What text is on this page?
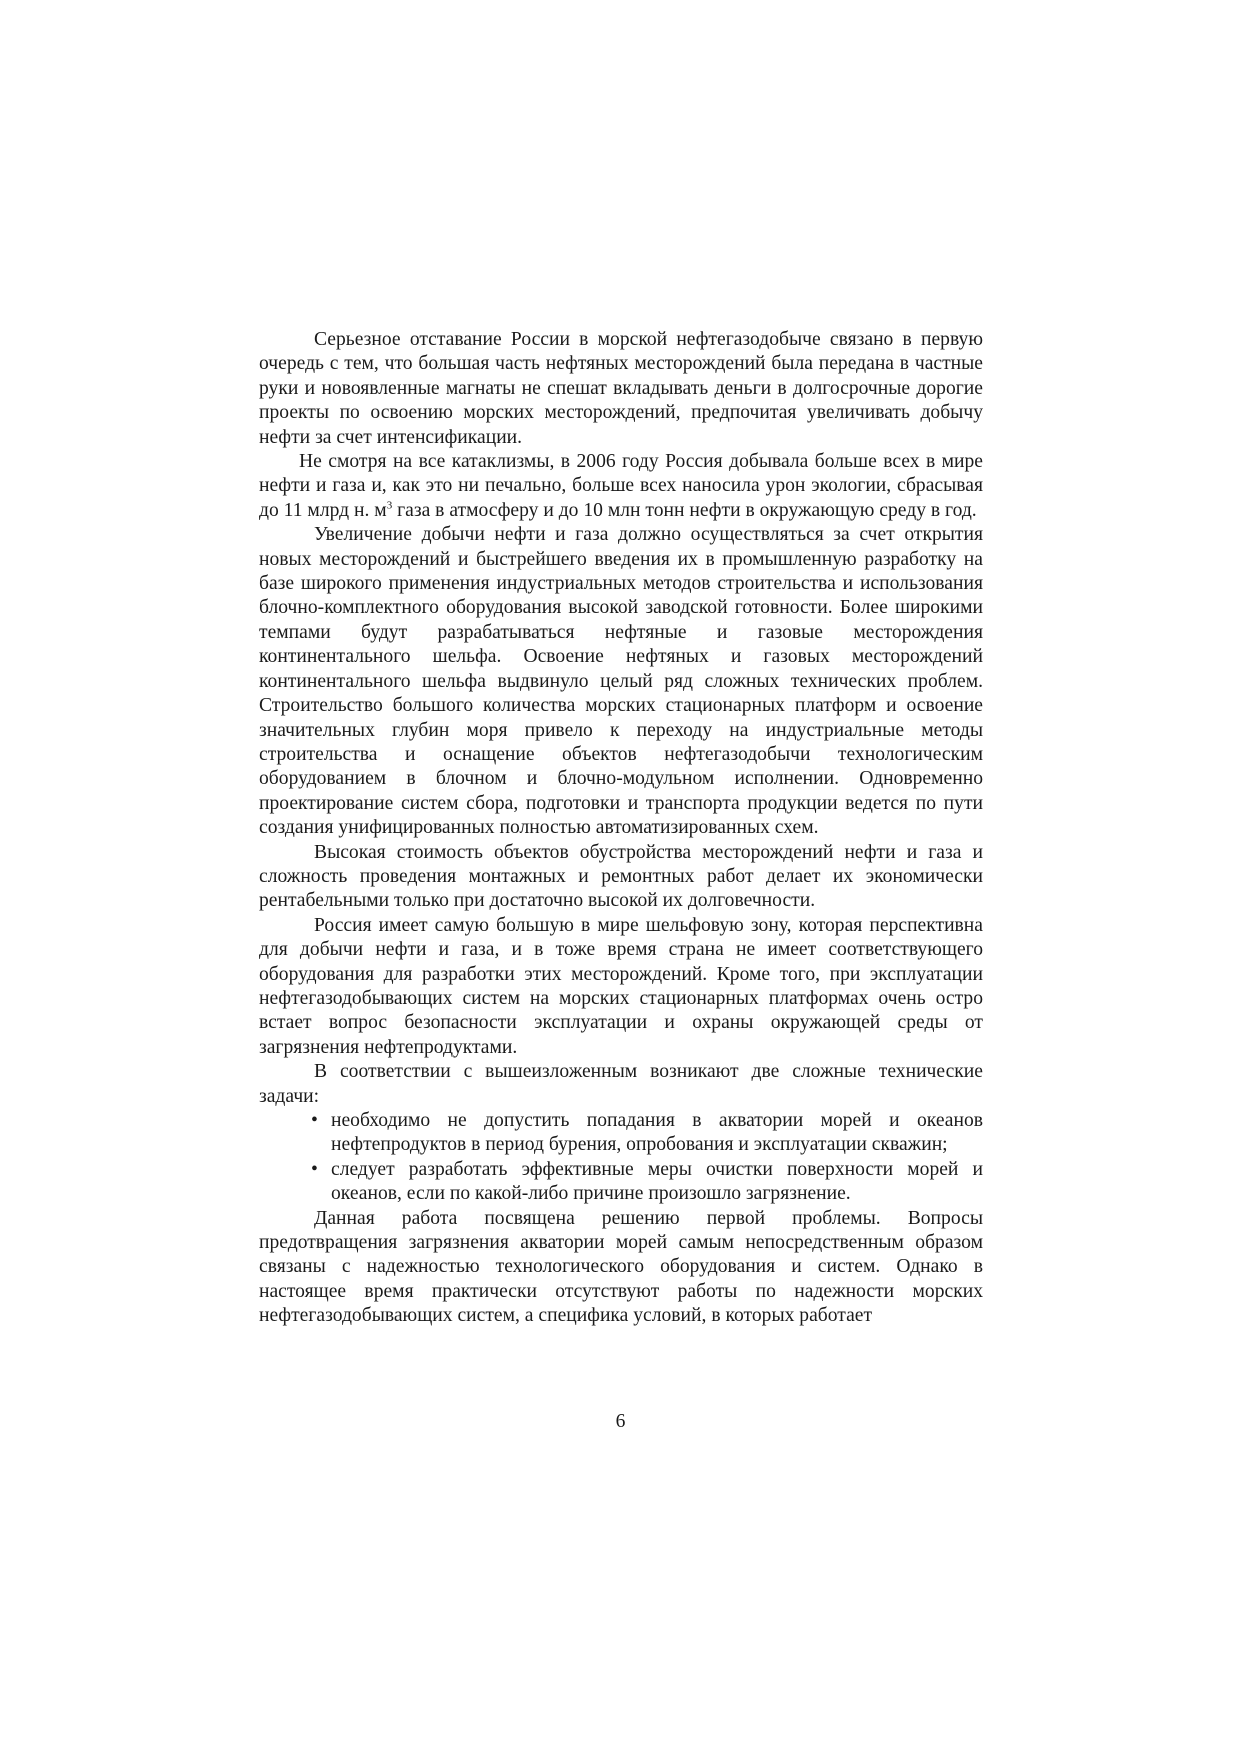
Серьезное отставание России в морской нефтегазодобыче связано в первую очередь с тем, что большая часть нефтяных месторождений была передана в частные руки и новоявленные магнаты не спешат вкладывать деньги в долгосрочные дорогие проекты по освоению морских месторождений, предпочитая увеличивать добычу нефти за счет интенсификации.

Не смотря на все катаклизмы, в 2006 году Россия добывала больше всех в мире нефти и газа и, как это ни печально, больше всех наносила урон экологии, сбрасывая до 11 млрд н. $м^3$ газа в атмосферу и до 10 млн тонн нефти в окружающую среду в год.

Увеличение добычи нефти и газа должно осуществляться за счет открытия новых месторождений и быстрейшего введения их в промышленную разработку на базе широкого применения индустриальных методов строительства и использования блочно-комплектного оборудования высокой заводской готовности. Более широкими темпами будут разрабатываться нефтяные и газовые месторождения континентального шельфа. Освоение нефтяных и газовых месторождений континентального шельфа выдвинуло целый ряд сложных технических проблем. Строительство большого количества морских стационарных платформ и освоение значительных глубин моря привело к переходу на индустриальные методы строительства и оснащение объектов нефтегазодобычи технологическим оборудованием в блочном и блочно-модульном исполнении. Одновременно проектирование систем сбора, подготовки и транспорта продукции ведется по пути создания унифицированных полностью автоматизированных схем.

Высокая стоимость объектов обустройства месторождений нефти и газа и сложность проведения монтажных и ремонтных работ делает их экономически рентабельными только при достаточно высокой их долговечности.

Россия имеет самую большую в мире шельфовую зону, которая перспективна для добычи нефти и газа, и в тоже время страна не имеет соответствующего оборудования для разработки этих месторождений. Кроме того, при эксплуатации нефтегазодобывающих систем на морских стационарных платформах очень остро встает вопрос безопасности эксплуатации и охраны окружающей среды от загрязнения нефтепродуктами.

В соответствии с вышеизложенным возникают две сложные технические задачи:

• необходимо не допустить попадания в акватории морей и океанов нефтепродуктов в период бурения, опробования и эксплуатации скважин;
• следует разработать эффективные меры очистки поверхности морей и океанов, если по какой-либо причине произошло загрязнение.

Данная работа посвящена решению первой проблемы. Вопросы предотвращения загрязнения акватории морей самым непосредственным образом связаны с надежностью технологического оборудования и систем. Однако в настоящее время практически отсутствуют работы по надежности морских нефтегазодобывающих систем, а специфика условий, в которых работает

6
